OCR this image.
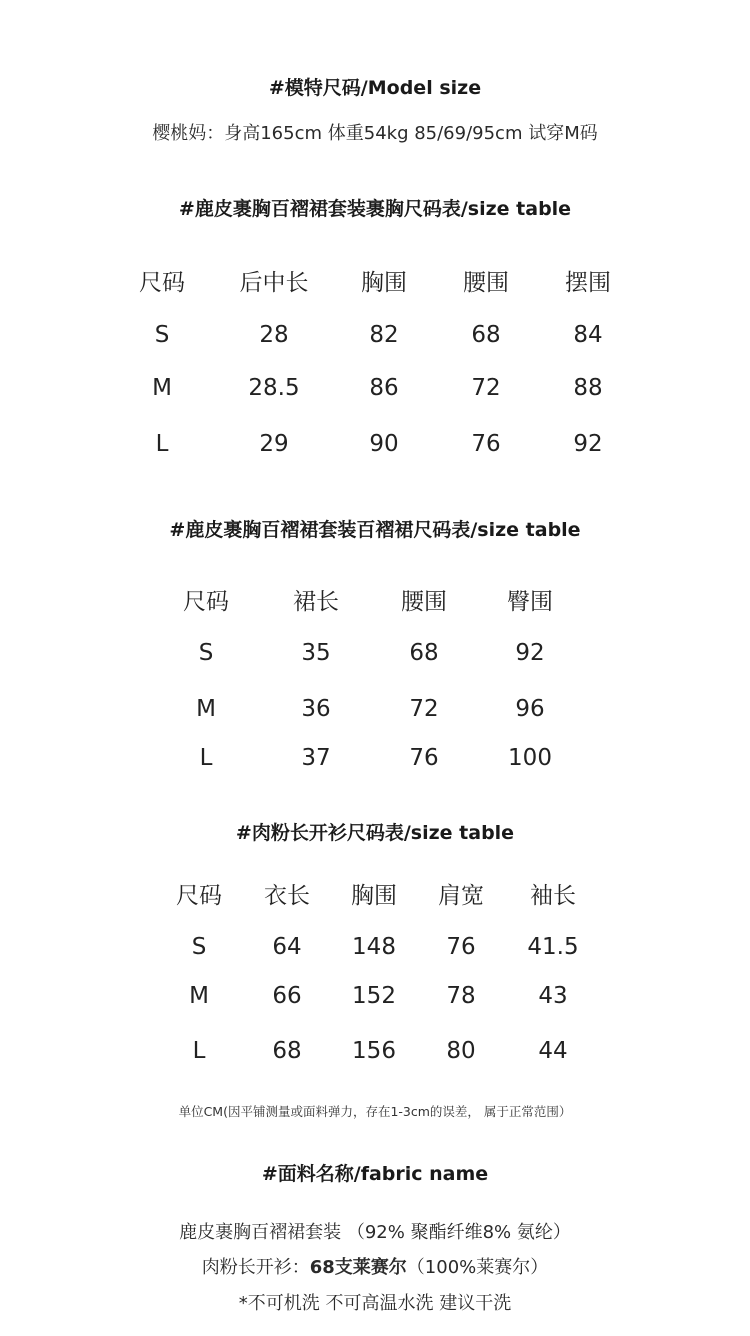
#模特尺码/Model size
樱桃妈：身高165cm 体重54kg 85/69/95cm 试穿M码
#鹿皮裹胸百褶裙套装裹胸尺码表/size table
尺码 后中长 胸围 腰围 摆围
S	28	82	68	84
M	28.5	86	72	88
L	29	90	76	92
#鹿皮裹胸百褶裙套装百褶裙尺码表/size table
尺码	裙长	腰围	臀围
S	35	68	92
M	36	72	96
L	37	76	100
#肉粉长开衫尺码表/size table
尺码 衣长 胸围 肩宽 袖长
S	64 148 76 41.5
M	66 152 78	43
L	68 156 80	44
单位CM(因平铺测量或面料弹力，存在1-3cm的误差， 属于正常范围）
#面料名称/fabric name
鹿皮裹胸百褶裙套装 （92% 聚酯纤维8% 氨纶）
肉粉长开衫：68支莱赛尔（100%莱赛尔）
*不可机洗 不可高温水洗 建议干洗
